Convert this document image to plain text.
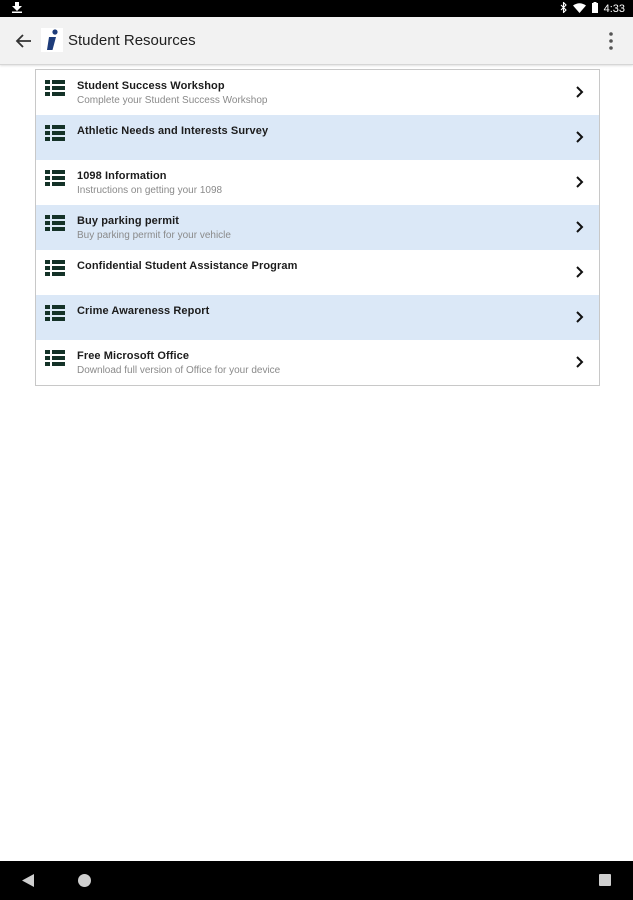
4:33
Student Resources
Student Success Workshop
Complete your Student Success Workshop
Athletic Needs and Interests Survey
1098 Information
Instructions on getting your 1098
Buy parking permit
Buy parking permit for your vehicle
Confidential Student Assistance Program
Crime Awareness Report
Free Microsoft Office
Download full version of Office for your device
